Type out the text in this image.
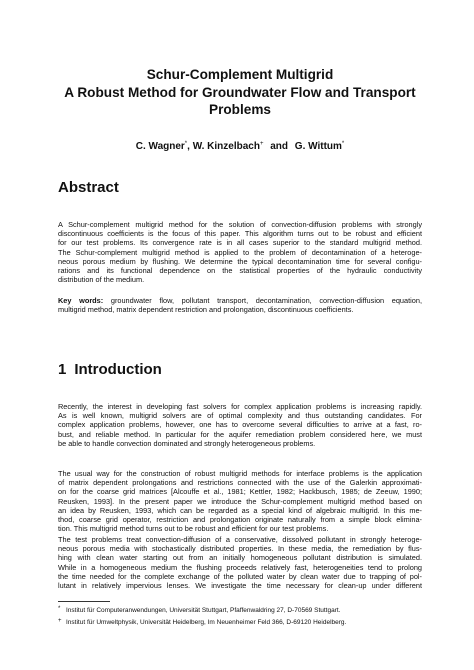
Schur-Complement Multigrid
A Robust Method for Groundwater Flow and Transport
Problems
C. Wagner*, W. Kinzelbach+ and G. Wittum*
Abstract
A Schur-complement multigrid method for the solution of convection-diffusion problems with strongly
discontinuous coefficients is the focus of this paper. This algorithm turns out to be robust and efficient
for our test problems. Its convergence rate is in all cases superior to the standard multigrid method.
The Schur-complement multigrid method is applied to the problem of decontamination of a heteroge-
neous porous medium by flushing. We determine the typical decontamination time for several configu-
rations and its functional dependence on the statistical properties of the hydraulic conductivity
distribution of the medium.
Key words: groundwater flow, pollutant transport, decontamination, convection-diffusion equation,
multigrid method, matrix dependent restriction and prolongation, discontinuous coefficients.
1 Introduction
Recently, the interest in developing fast solvers for complex application problems is increasing rapidly.
As is well known, multigrid solvers are of optimal complexity and thus outstanding candidates. For
complex application problems, however, one has to overcome several difficulties to arrive at a fast, ro-
bust, and reliable method. In particular for the aquifer remediation problem considered here, we must
be able to handle convection dominated and strongly heterogeneous problems.
The usual way for the construction of robust multigrid methods for interface problems is the application
of matrix dependent prolongations and restrictions connected with the use of the Galerkin approximati-
on for the coarse grid matrices [Alcouffe et al., 1981; Kettler, 1982; Hackbusch, 1985; de Zeeuw, 1990;
Reusken, 1993]. In the present paper we introduce the Schur-complement multigrid method based on
an idea by Reusken, 1993, which can be regarded as a special kind of algebraic multigrid. In this me-
thod, coarse grid operator, restriction and prolongation originate naturally from a simple block elimina-
tion. This multigrid method turns out to be robust and efficient for our test problems.
The test problems treat convection-diffusion of a conservative, dissolved pollutant in strongly heteroge-
neous porous media with stochastically distributed properties. In these media, the remediation by flus-
hing with clean water starting out from an initially homogeneous pollutant distribution is simulated.
While in a homogeneous medium the flushing proceeds relatively fast, heterogeneities tend to prolong
the time needed for the complete exchange of the polluted water by clean water due to trapping of pol-
lutant in relatively impervious lenses. We investigate the time necessary for clean-up under different
* Institut für Computeranwendungen, Universität Stuttgart, Pfaffenwaldring 27, D-70569 Stuttgart.
+ Institut für Umweltphysik, Universität Heidelberg, Im Neuenheimer Feld 366, D-69120 Heidelberg.
